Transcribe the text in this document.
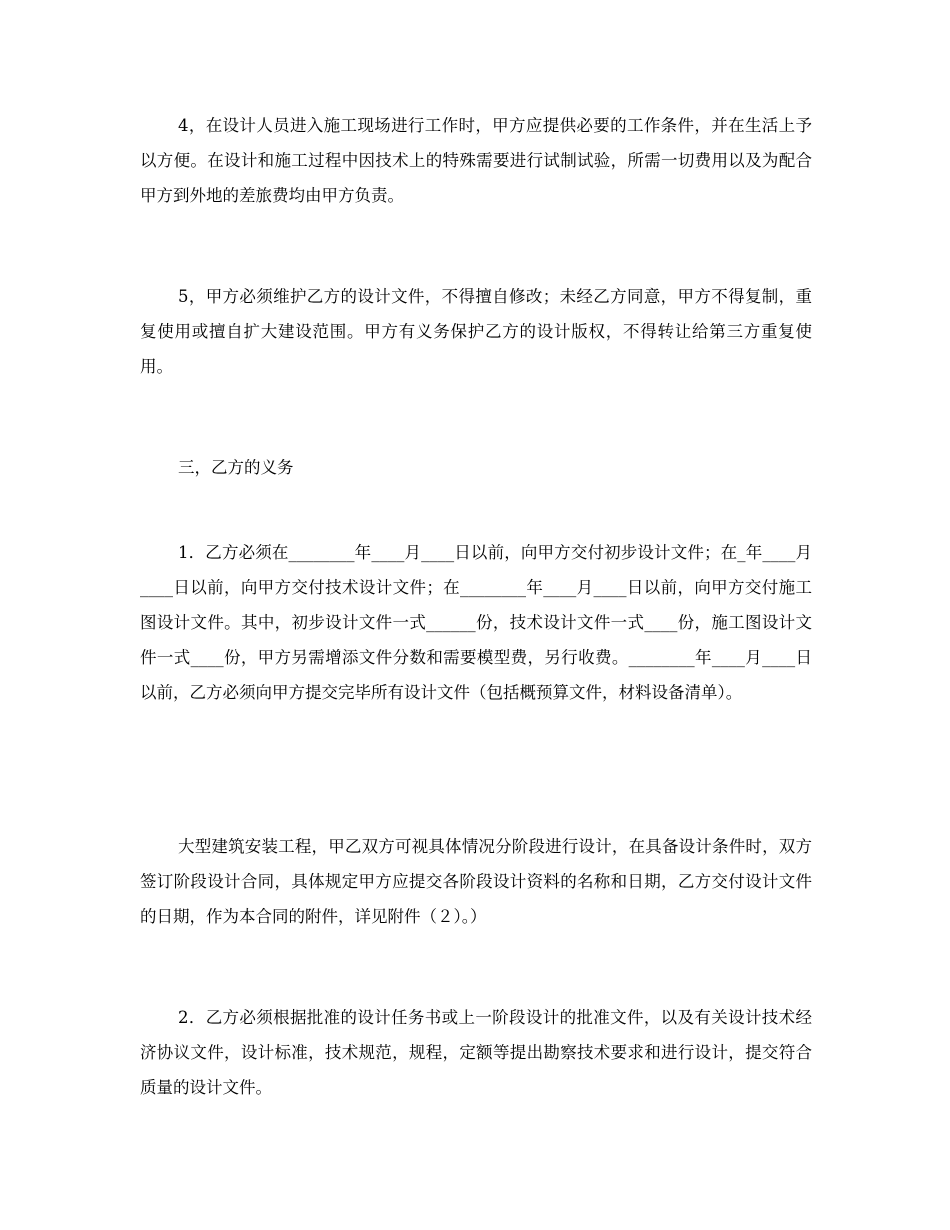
4，在设计人员进入施工现场进行工作时，甲方应提供必要的工作条件，并在生活上予以方便。在设计和施工过程中因技术上的特殊需要进行试制试验，所需一切费用以及为配合甲方到外地的差旅费均由甲方负责。

5，甲方必须维护乙方的设计文件，不得擅自修改；未经乙方同意，甲方不得复制，重复使用或擅自扩大建设范围。甲方有义务保护乙方的设计版权，不得转让给第三方重复使用。

三，乙方的义务

1．乙方必须在________年____月____日以前，向甲方交付初步设计文件；在_年____月____日以前，向甲方交付技术设计文件；在________年____月____日以前，向甲方交付施工图设计文件。其中，初步设计文件一式______份，技术设计文件一式____份，施工图设计文件一式____份，甲方另需增添文件分数和需要模型费，另行收费。________年____月____日以前，乙方必须向甲方提交完毕所有设计文件（包括概预算文件，材料设备清单）。

大型建筑安装工程，甲乙双方可视具体情况分阶段进行设计，在具备设计条件时，双方签订阶段设计合同，具体规定甲方应提交各阶段设计资料的名称和日期，乙方交付设计文件的日期，作为本合同的附件，详见附件（２）。）

2．乙方必须根据批准的设计任务书或上一阶段设计的批准文件，以及有关设计技术经济协议文件，设计标准，技术规范，规程，定额等提出勘察技术要求和进行设计，提交符合质量的设计文件。
